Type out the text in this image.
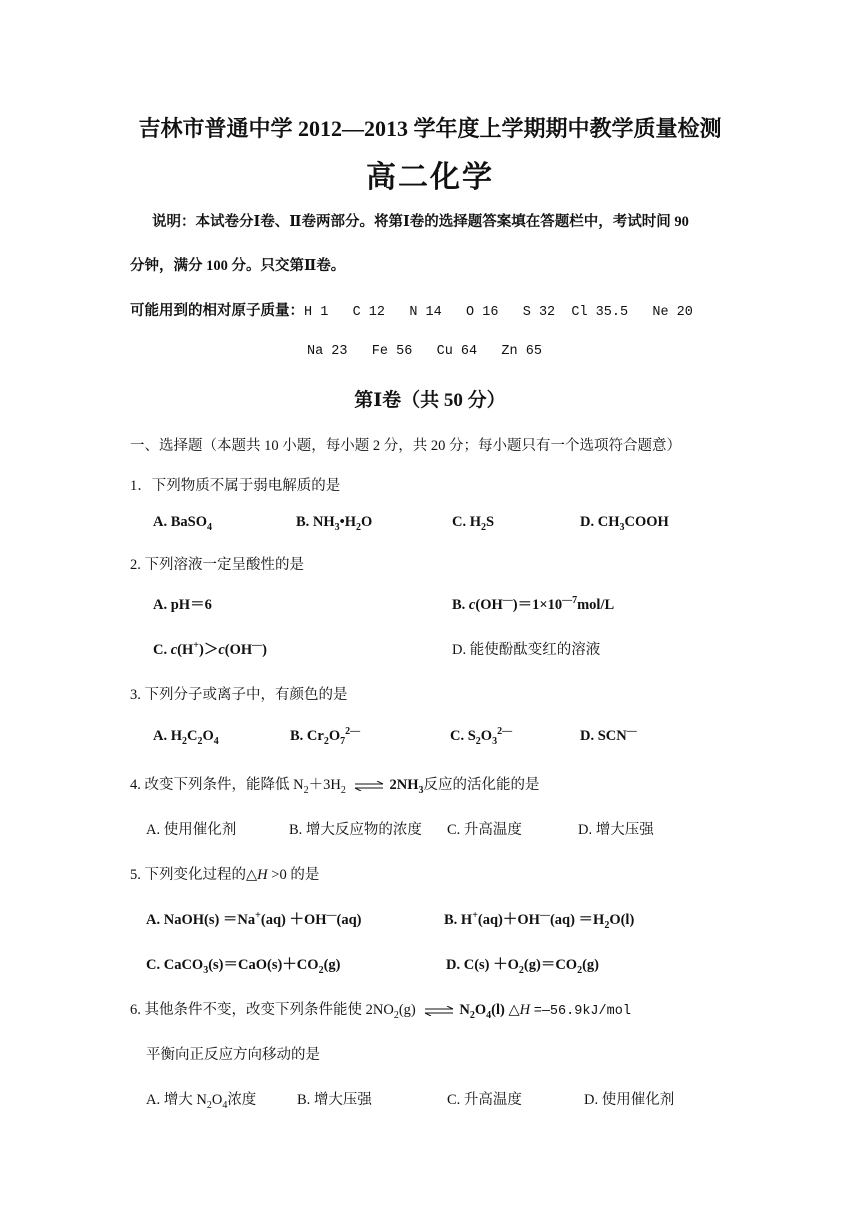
吉林市普通中学 2012—2013 学年度上学期期中教学质量检测
高二化学
说明：本试卷分Ⅰ卷、Ⅱ卷两部分。将第Ⅰ卷的选择题答案填在答题栏中，考试时间 90
分钟，满分 100 分。只交第Ⅱ卷。
可能用到的相对原子质量：H 1   C 12   N 14   O 16   S 32  Cl 35.5   Ne 20
Na 23   Fe 56   Cu 64   Zn 65
第Ⅰ卷（共 50 分）
一、选择题（本题共 10 小题，每小题 2 分，共 20 分；每小题只有一个选项符合题意）
1．下列物质不属于弱电解质的是
A. BaSO$_4$	B. $NH_3•H_2O$	C. $H_2S$	D. $CH_3COOH$
2. 下列溶液一定呈酸性的是
A. pH＝6	B. $c(OH^—)=1\times 10^{—7}mol/L$
C. c(H+)＞c(OH—)	D. 能使酚酞变红的溶液
3. 下列分子或离子中，有颜色的是
A. $H_2C_2O_4$	B. $Cr_2O_7^{2—}$	C. $S_2O_3^{2—}$	D. SCN—
4. 改变下列条件，能降低 $N_2+3H_2$ ⇌ $2NH_3$反应的活化能的是
A. 使用催化剂	B. 增大反应物的浓度 C. 升高温度	D. 增大压强
5. 下列变化过程的△H >0 的是
A. NaOH(s) ＝Na+(aq) ＋OH—(aq)	B. $H^+(aq)+OH^—(aq) =H_2O(l)$
C. $CaCO_3(s)=CaO(s)+CO_2(g)$	D. $C(s) +O_2(g)=CO_2(g)$
6. 其他条件不变，改变下列条件能使 $2NO_2(g)$ ⇌ $N_2O_4(l)$ △H =—56.9kJ/mol
平衡向正反应方向移动的是
A. 增大 $N_2O_4$浓度	B. 增大压强	C. 升高温度	D. 使用催化剂
